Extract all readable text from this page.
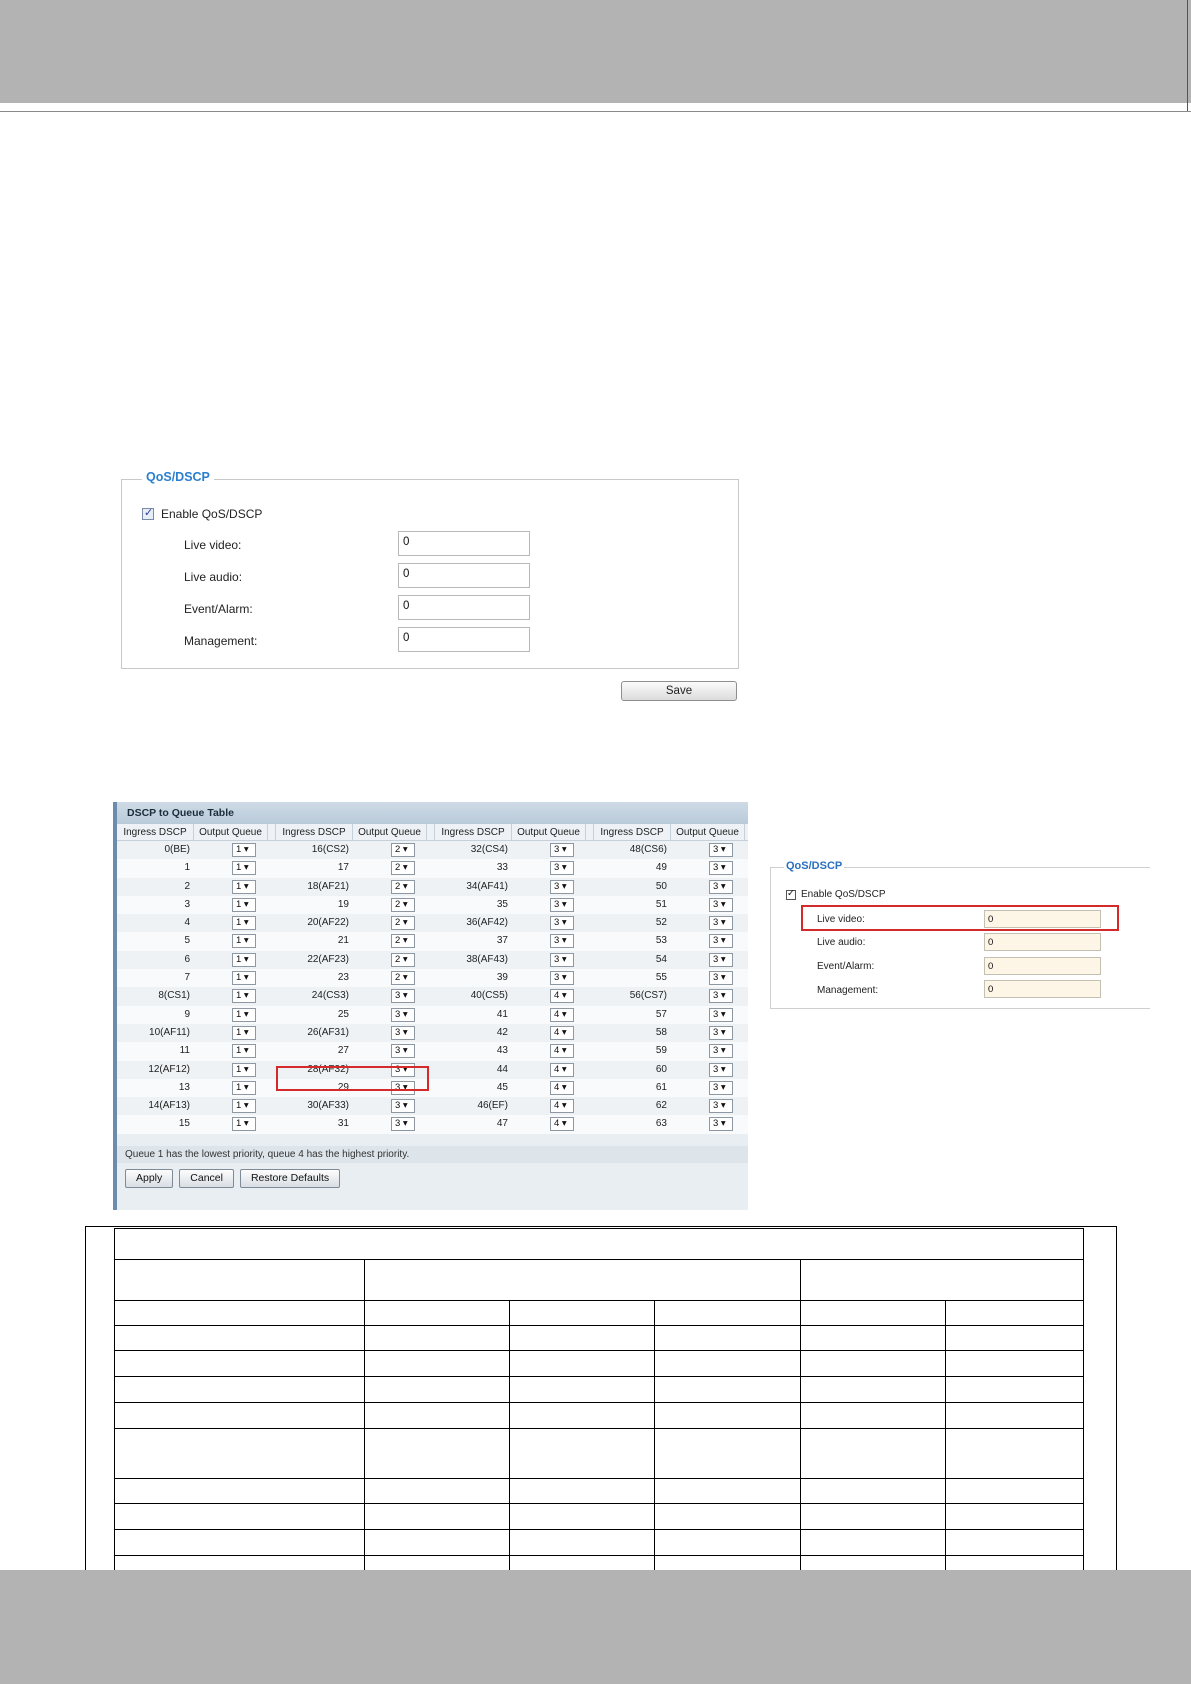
QoS/DSCP
✓
Enable QoS/DSCP
Live video:	0
Live audio:	0
Event/Alarm:	0
Management:	0
Save
DSCP to Queue Table
Ingress DSCP	Output Queue	Ingress DSCP	Output Queue	Ingress DSCP	Output Queue	Ingress DSCP	Output Queue
0(BE)	1 ▾	16(CS2)	2 ▾	32(CS4)	3 ▾	48(CS6)	3 ▾
1	1 ▾	17	2 ▾	33	3 ▾	49	3 ▾
2	1 ▾	18(AF21)	2 ▾	34(AF41)	3 ▾	50	3 ▾
3	1 ▾	19	2 ▾	35	3 ▾	51	3 ▾
4	1 ▾	20(AF22)	2 ▾	36(AF42)	3 ▾	52	3 ▾
5	1 ▾	21	2 ▾	37	3 ▾	53	3 ▾
6	1 ▾	22(AF23)	2 ▾	38(AF43)	3 ▾	54	3 ▾
7	1 ▾	23	2 ▾	39	3 ▾	55	3 ▾
8(CS1)	1 ▾	24(CS3)	3 ▾	40(CS5)	4 ▾	56(CS7)	3 ▾
9	1 ▾	25	3 ▾	41	4 ▾	57	3 ▾
10(AF11)	1 ▾	26(AF31)	3 ▾	42	4 ▾	58	3 ▾
11	1 ▾	27	3 ▾	43	4 ▾	59	3 ▾
12(AF12)	1 ▾	28(AF32)	3 ▾	44	4 ▾	60	3 ▾
13	1 ▾	29	3 ▾	45	4 ▾	61	3 ▾
14(AF13)	1 ▾	30(AF33)	3 ▾	46(EF)	4 ▾	62	3 ▾
15	1 ▾	31	3 ▾	47	4 ▾	63	3 ▾
Queue 1 has the lowest priority, queue 4 has the highest priority.
Apply	Cancel	Restore Defaults
QoS/DSCP
✓
Enable QoS/DSCP
Live video:	0
Live audio:	0
Event/Alarm:	0
Management:	0
